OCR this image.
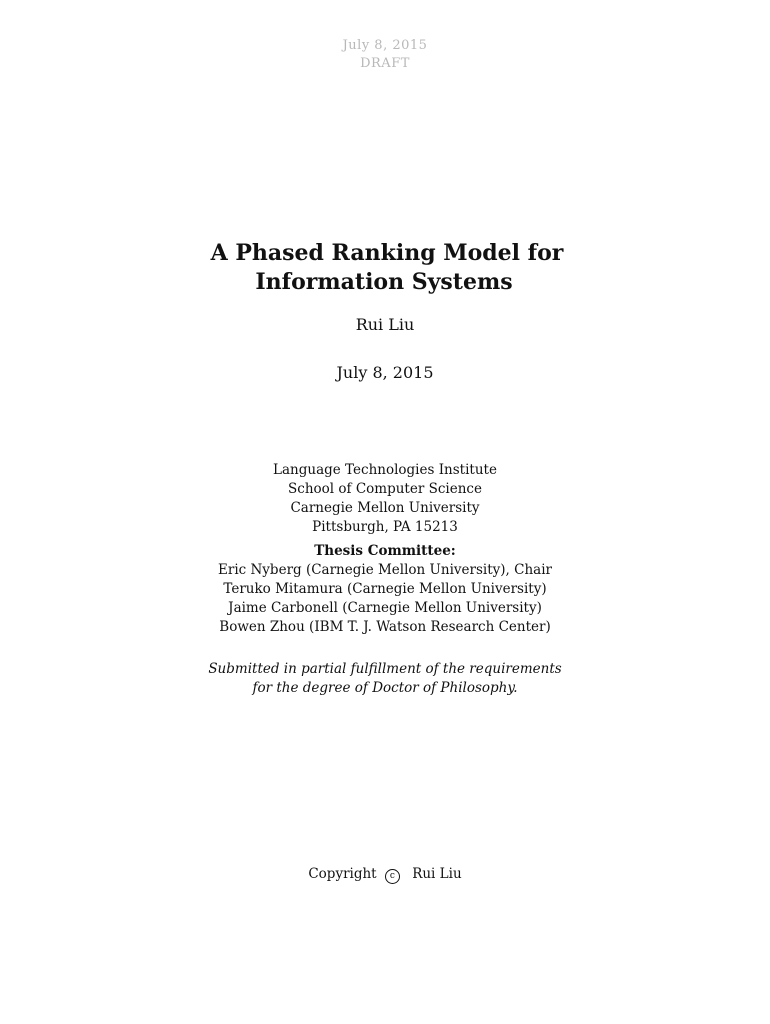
July 8, 2015
DRAFT
A Phased Ranking Model for
Information Systems
Rui Liu
July 8, 2015
Language Technologies Institute
School of Computer Science
Carnegie Mellon University
Pittsburgh, PA 15213
Thesis Committee:
Eric Nyberg (Carnegie Mellon University), Chair
Teruko Mitamura (Carnegie Mellon University)
Jaime Carbonell (Carnegie Mellon University)
Bowen Zhou (IBM T. J. Watson Research Center)
Submitted in partial fulfillment of the requirements
for the degree of Doctor of Philosophy.
Copyright c Rui Liu
